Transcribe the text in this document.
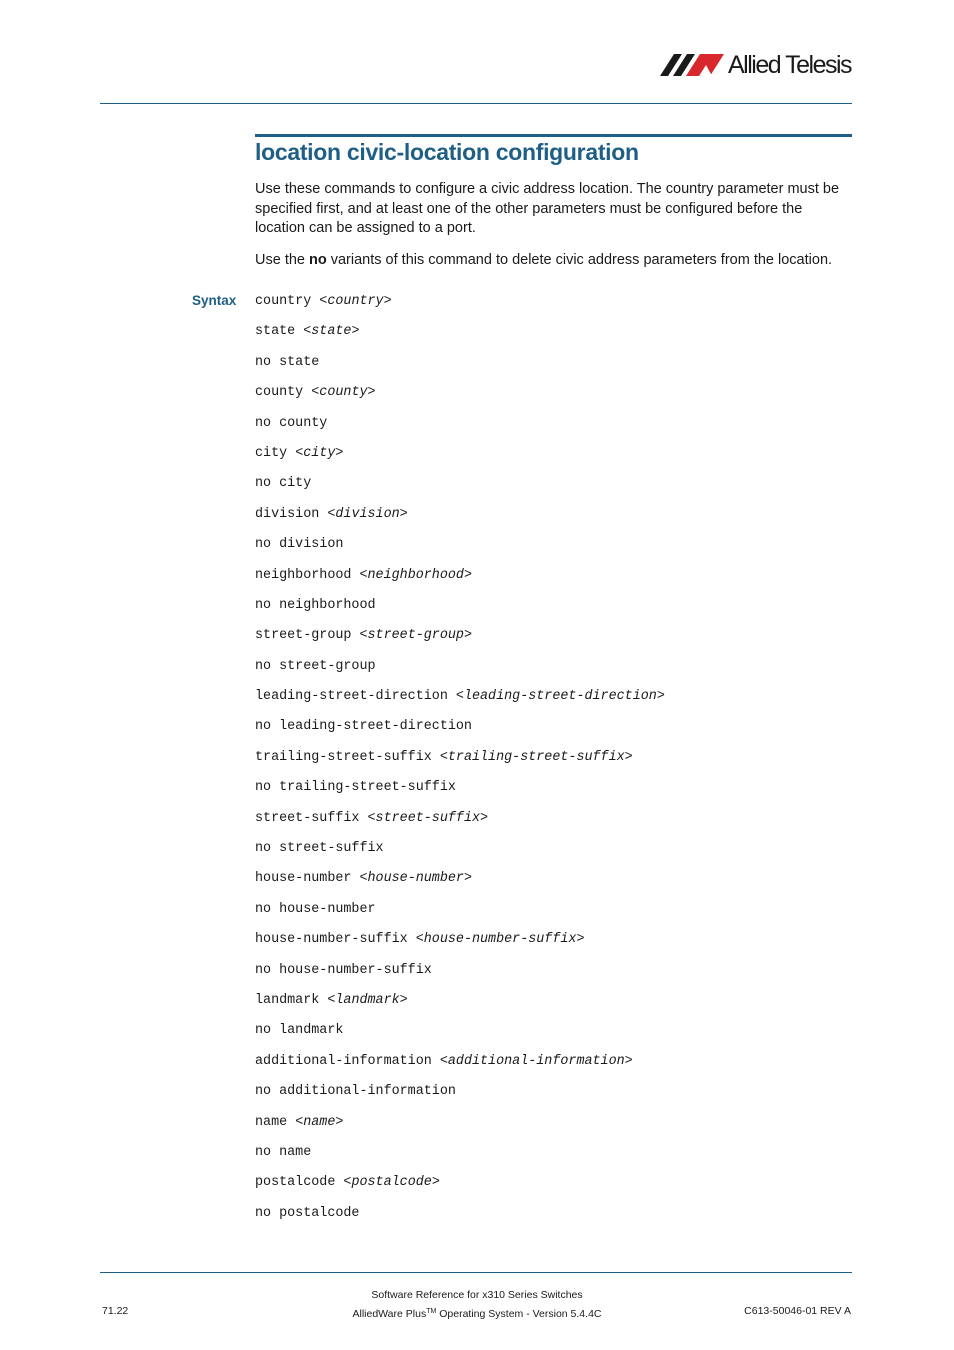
Allied Telesis
location civic-location configuration

Use these commands to configure a civic address location. The country parameter must be specified first, and at least one of the other parameters must be configured before the location can be assigned to a port.

Use the no variants of this command to delete civic address parameters from the location.

Syntax country <country>
state <state>
no state
county <county>
no county
city <city>
no city
division <division>
no division
neighborhood <neighborhood>
no neighborhood
street-group <street-group>
no street-group
leading-street-direction <leading-street-direction>
no leading-street-direction
trailing-street-suffix <trailing-street-suffix>
no trailing-street-suffix
street-suffix <street-suffix>
no street-suffix
house-number <house-number>
no house-number
house-number-suffix <house-number-suffix>
no house-number-suffix
landmark <landmark>
no landmark
additional-information <additional-information>
no additional-information
name <name>
no name
postalcode <postalcode>
no postalcode
Software Reference for x310 Series Switches
AlliedWare Plus™ Operating System - Version 5.4.4C
71.22	C613-50046-01 REV A
